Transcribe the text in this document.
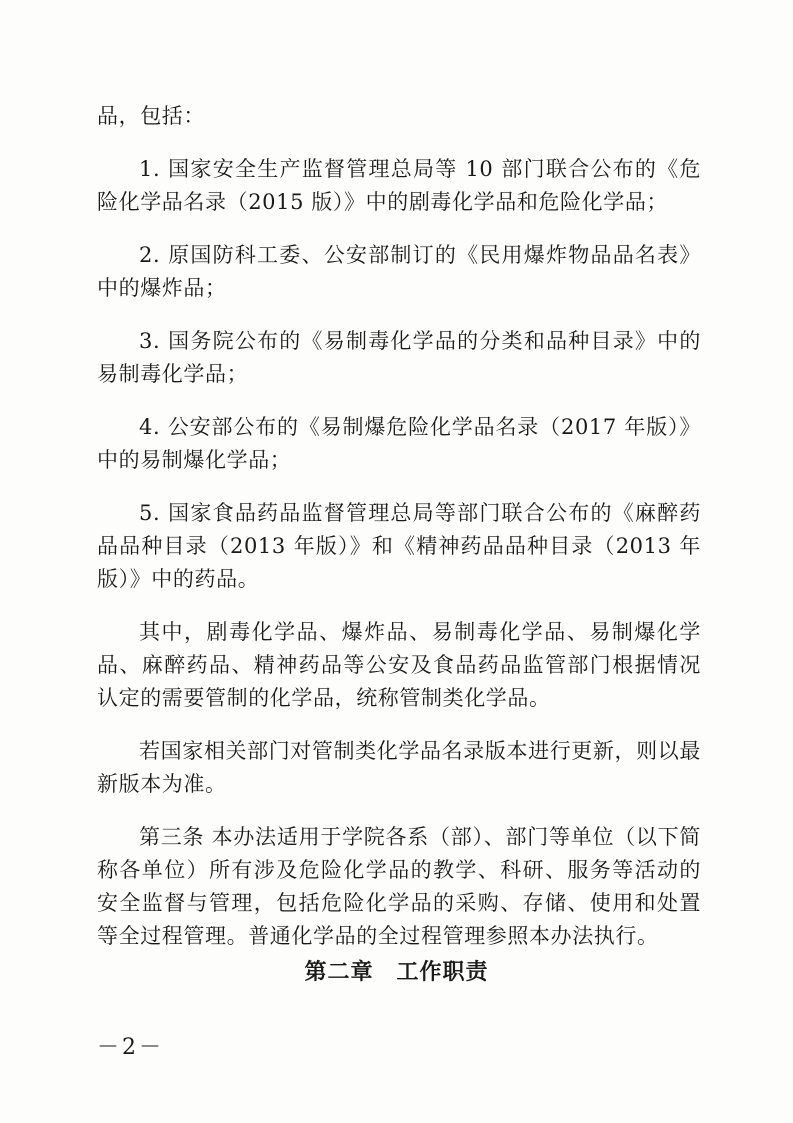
品，包括：

1. 国家安全生产监督管理总局等 10 部门联合公布的《危险化学品名录（2015 版）》中的剧毒化学品和危险化学品；

2. 原国防科工委、公安部制订的《民用爆炸物品品名表》中的爆炸品；

3. 国务院公布的《易制毒化学品的分类和品种目录》中的易制毒化学品；

4. 公安部公布的《易制爆危险化学品名录（2017 年版）》中的易制爆化学品；

5. 国家食品药品监督管理总局等部门联合公布的《麻醉药品品种目录（2013 年版）》和《精神药品品种目录（2013 年版）》中的药品。

其中，剧毒化学品、爆炸品、易制毒化学品、易制爆化学品、麻醉药品、精神药品等公安及食品药品监管部门根据情况认定的需要管制的化学品，统称管制类化学品。

若国家相关部门对管制类化学品名录版本进行更新，则以最新版本为准。

第三条 本办法适用于学院各系（部）、部门等单位（以下简称各单位）所有涉及危险化学品的教学、科研、服务等活动的安全监督与管理，包括危险化学品的采购、存储、使用和处置等全过程管理。普通化学品的全过程管理参照本办法执行。

第二章　工作职责
－2－
